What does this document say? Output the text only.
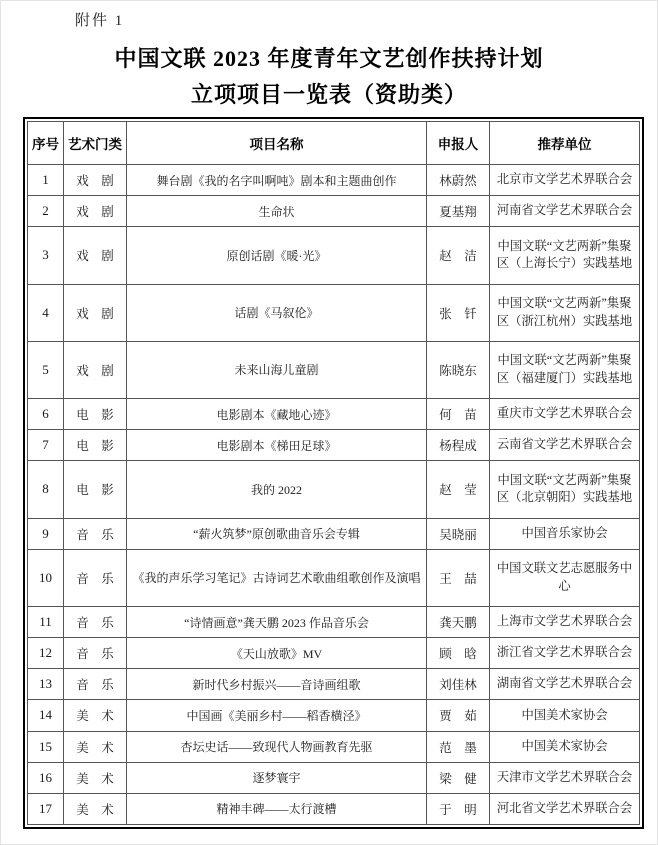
附件 1
中国文联 2023 年度青年文艺创作扶持计划
立项项目一览表（资助类）
序号	艺术门类	项目名称	申报人	推荐单位
1	戏　剧	舞台剧《我的名字叫啊吨》剧本和主题曲创作	林蔚然	北京市文学艺术界联合会
2	戏　剧	生命状	夏基翔	河南省文学艺术界联合会
3	戏　剧	原创话剧《暖·光》	赵　洁	中国文联“文艺两新”集聚区（上海长宁）实践基地
4	戏　剧	话剧《马叙伦》	张　钎	中国文联“文艺两新”集聚区（浙江杭州）实践基地
5	戏　剧	未来山海儿童剧	陈晓东	中国文联“文艺两新”集聚区（福建厦门）实践基地
6	电　影	电影剧本《藏地心迹》	何　苗	重庆市文学艺术界联合会
7	电　影	电影剧本《梯田足球》	杨程成	云南省文学艺术界联合会
8	电　影	我的 2022	赵　莹	中国文联“文艺两新”集聚区（北京朝阳）实践基地
9	音　乐	“薪火筑梦”原创歌曲音乐会专辑	吴晓丽	中国音乐家协会
10	音　乐	《我的声乐学习笔记》古诗词艺术歌曲组歌创作及演唱	王　喆	中国文联文艺志愿服务中心
11	音　乐	“诗情画意”龚天鹏 2023 作品音乐会	龚天鹏	上海市文学艺术界联合会
12	音　乐	《天山放歌》MV	顾　晗	浙江省文学艺术界联合会
13	音　乐	新时代乡村振兴——音诗画组歌	刘佳林	湖南省文学艺术界联合会
14	美　术	中国画《美丽乡村——稻香横泾》	贾　茹	中国美术家协会
15	美　术	杏坛史话——致现代人物画教育先驱	范　墨	中国美术家协会
16	美　术	逐梦寰宇	梁　健	天津市文学艺术界联合会
17	美　术	精神丰碑——太行渡槽	于　明	河北省文学艺术界联合会
